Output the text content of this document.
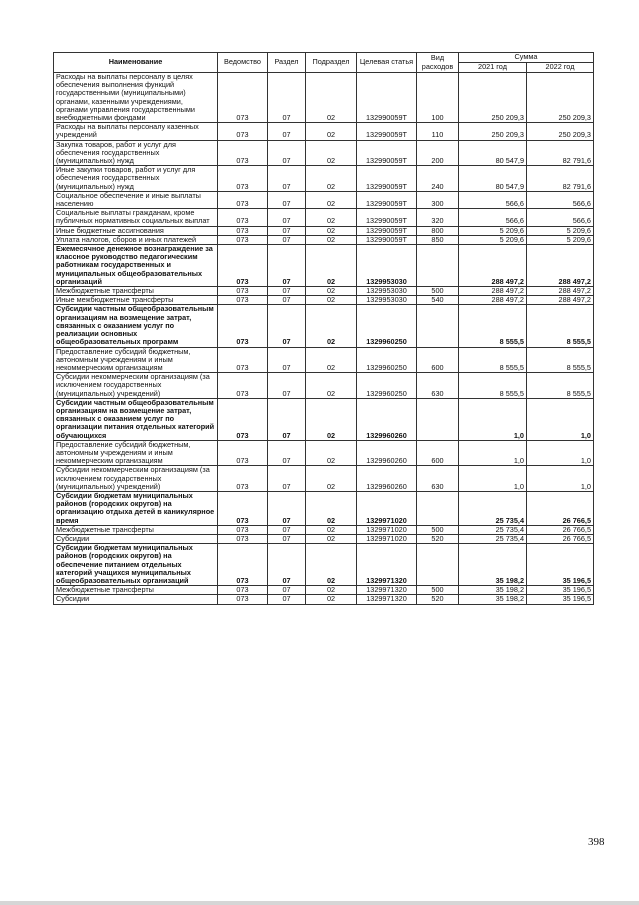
Наименование	Ведомство	Раздел	Подраздел	Целевая статья	Вид расходов	Сумма	
						2021 год	2022 год
Расходы на выплаты персоналу в целях обеспечения выполнения функций государственными (муниципальными) органами, казенными учреждениями, органами управления государственными внебюджетными фондами	073	07	02	132990059Т	100	250 209,3	250 209,3
Расходы на выплаты персоналу казенных учреждений	073	07	02	132990059Т	110	250 209,3	250 209,3
Закупка товаров, работ и услуг для обеспечения государственных (муниципальных) нужд	073	07	02	132990059Т	200	80 547,9	82 791,6
Иные закупки товаров, работ и услуг для обеспечения государственных (муниципальных) нужд	073	07	02	132990059Т	240	80 547,9	82 791,6
Социальное обеспечение и иные выплаты населению	073	07	02	132990059Т	300	566,6	566,6
Социальные выплаты гражданам, кроме публичных нормативных социальных выплат	073	07	02	132990059Т	320	566,6	566,6
Иные бюджетные ассигнования	073	07	02	132990059Т	800	5 209,6	5 209,6
Уплата налогов, сборов и иных платежей	073	07	02	132990059Т	850	5 209,6	5 209,6
Ежемесячное денежное вознаграждение за классное руководство педагогическим работникам государственных и муниципальных общеобразовательных организаций	073	07	02	1329953030		288 497,2	288 497,2
Межбюджетные трансферты	073	07	02	1329953030	500	288 497,2	288 497,2
Иные межбюджетные трансферты	073	07	02	1329953030	540	288 497,2	288 497,2
Субсидии частным общеобразовательным организациям на возмещение затрат, связанных с оказанием услуг по реализации основных общеобразовательных программ	073	07	02	1329960250		8 555,5	8 555,5
Предоставление субсидий бюджетным, автономным учреждениям и иным некоммерческим организациям	073	07	02	1329960250	600	8 555,5	8 555,5
Субсидии некоммерческим организациям (за исключением государственных (муниципальных) учреждений)	073	07	02	1329960250	630	8 555,5	8 555,5
Субсидии частным общеобразовательным организациям на возмещение затрат, связанных с оказанием услуг по организации питания отдельных категорий обучающихся	073	07	02	1329960260		1,0	1,0
Предоставление субсидий бюджетным, автономным учреждениям и иным некоммерческим организациям	073	07	02	1329960260	600	1,0	1,0
Субсидии некоммерческим организациям (за исключением государственных (муниципальных) учреждений)	073	07	02	1329960260	630	1,0	1,0
Субсидии бюджетам муниципальных районов (городских округов) на организацию отдыха детей в каникулярное время	073	07	02	1329971020		25 735,4	26 766,5
Межбюджетные трансферты	073	07	02	1329971020	500	25 735,4	26 766,5
Субсидии	073	07	02	1329971020	520	25 735,4	26 766,5
Субсидии бюджетам муниципальных районов (городских округов) на обеспечение питанием отдельных категорий учащихся муниципальных общеобразовательных организаций	073	07	02	1329971320		35 198,2	35 196,5
Межбюджетные трансферты	073	07	02	1329971320	500	35 198,2	35 196,5
Субсидии	073	07	02	1329971320	520	35 198,2	35 196,5
398
